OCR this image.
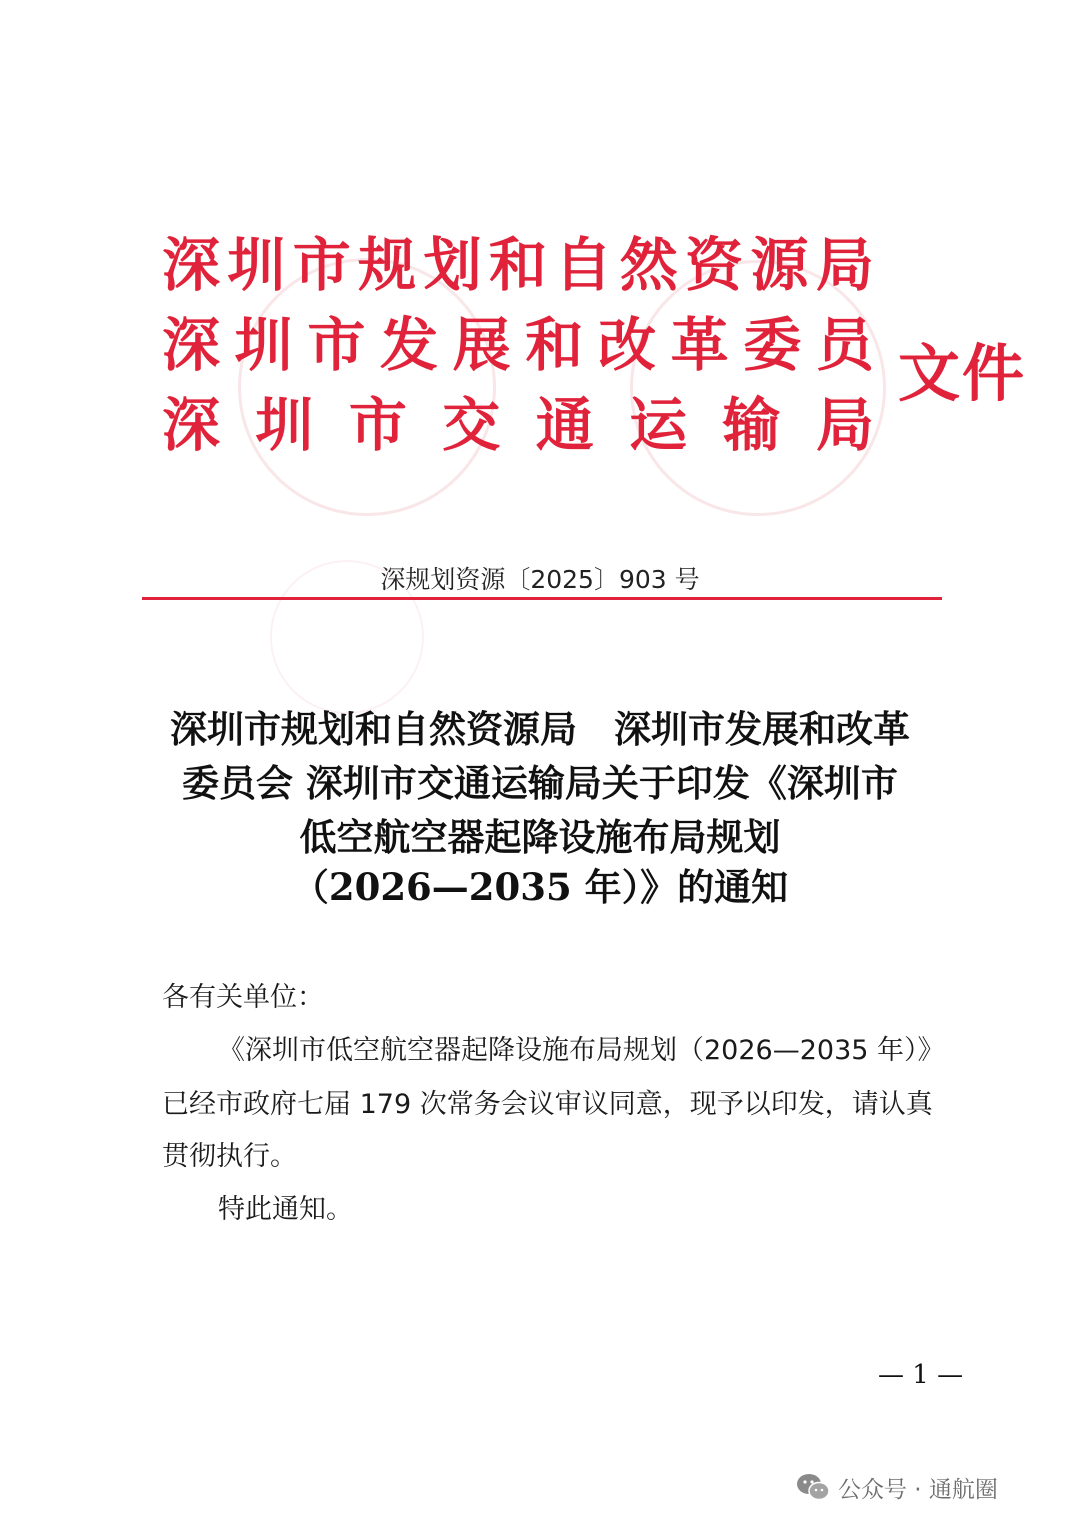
深 圳 市 规 划 和 自 然 资 源 局
深 圳 市 发 展 和 改 革 委 员
深 圳 市 交 通 运 输 局
文件
深规划资源〔2025〕903 号
深圳市规划和自然资源局　深圳市发展和改革
委员会 深圳市交通运输局关于印发《深圳市
低空航空器起降设施布局规划
（2026—2035 年）》的通知
各有关单位：
《深圳市低空航空器起降设施布局规划（2026—2035 年）》
已经市政府七届 179 次常务会议审议同意，现予以印发，请认真
贯彻执行。
特此通知。
— 1 —
公众号 · 通航圈
